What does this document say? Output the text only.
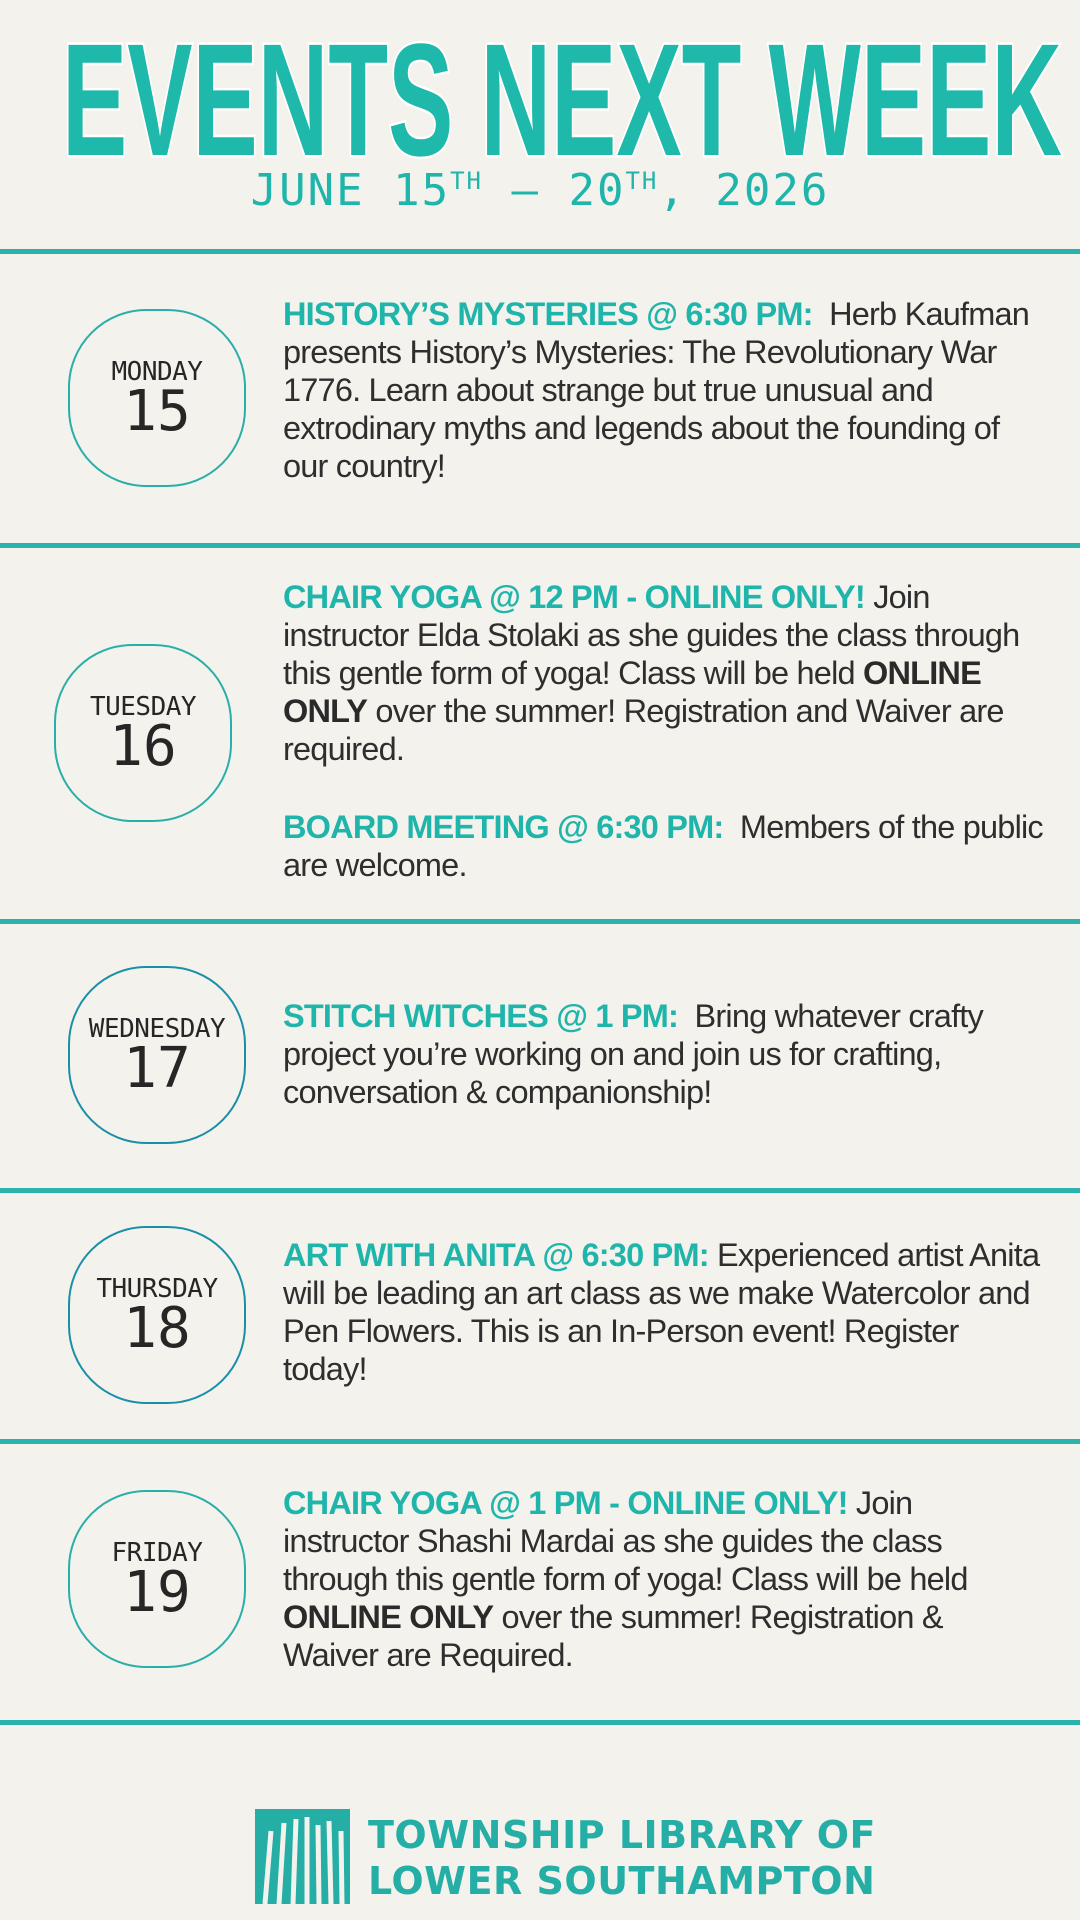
EVENTS NEXT WEEK
JUNE 15TH – 20TH, 2026
MONDAY
15

HISTORY’S MYSTERIES @ 6:30 PM: Herb Kaufman presents History’s Mysteries: The Revolutionary War 1776. Learn about strange but true unusual and extrodinary myths and legends about the founding of our country!

TUESDAY
16

CHAIR YOGA @ 12 PM - ONLINE ONLY! Join instructor Elda Stolaki as she guides the class through this gentle form of yoga! Class will be held ONLINE ONLY over the summer! Registration and Waiver are required.

BOARD MEETING @ 6:30 PM: Members of the public are welcome.

WEDNESDAY
17

STITCH WITCHES @ 1 PM: Bring whatever crafty project you’re working on and join us for crafting, conversation & companionship!

THURSDAY
18

ART WITH ANITA @ 6:30 PM: Experienced artist Anita will be leading an art class as we make Watercolor and Pen Flowers. This is an In-Person event! Register today!

FRIDAY
19

CHAIR YOGA @ 1 PM - ONLINE ONLY! Join instructor Shashi Mardai as she guides the class through this gentle form of yoga! Class will be held ONLINE ONLY over the summer! Registration & Waiver are Required.

TOWNSHIP LIBRARY OF
LOWER SOUTHAMPTON
